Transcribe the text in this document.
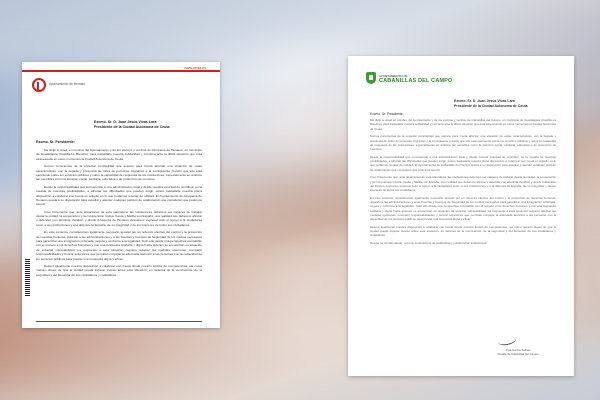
www.ceuta.es
Ayuntamiento de Hernani
Excmo. Sr. D. Juan Jesús Vivas Lara
Presidente de la Ciudad Autónoma de Ceuta
Excmo. Sr. Presidente:

Me dirijo a usted, en nombre del Ayuntamiento y de los vecinos y vecinas de Azuqueca de Henares, en municipio de Guadalajara (Castilla-La Mancha), para trasladarle nuestra solidaridad y cercanía ante la difícil situación que está atravesando en estos momentos la Ciudad Autónoma de Ceuta.

Somos conscientes de la especial complejidad que supone para Ceuta afrontar una situación de estas características, con la llegada y presencia de miles de personas migrantes y la consiguiente presión que ello está ejerciendo sobre los servicios públicos y sobre la capacidad de respuesta de las instituciones, especialmente en ámbitos tan sensibles como la atención social, sanitaria, educativa o de protección de menores.

Desde la responsabilidad que corresponde a una administración local y desde nuestra voluntad de contribuir, en la medida de nuestras posibilidades, a afrontar las dificultades que pueden surgir, quiero trasladarle nuestra plena disposición a colaborar con Ceuta en aquello en lo que podamos resultar de utilidad. El Ayuntamiento de Azuqueca de Henares queda a su disposición para estudiar y atender cualquier petición de colaboración que consideren que podemos asumir.

Creo firmemente que, ante situaciones de esta naturaleza, las instituciones debemos ser capaces de trabajar desde la unidad, la cooperación y la comprensión mutua. Ceuta y Melilla son España, una realidad que debemos afirmar y defender con absoluta claridad, y desde Azuqueca de Henares deseamos expresar todo el apoyo a la ciudadanía ceutí, a sus instituciones y a la defensa de España, de su integridad y de los intereses de todos sus ciudadanos.

En este contexto, consideramos igualmente necesario apostar por un refuerzo efectivo del control y la protección de nuestras fronteras, dotando a las administraciones y a las Fuerzas y Cuerpos de Seguridad de los medios necesarios para garantizar una inmigración ordenada, segura y conforme a la legalidad. Todo ello desde una perspectiva compatible con el respeto a los derechos humanos y con una respuesta solidaria y digna hacia quienes se encuentran en situación de especial vulnerabilidad. La respuesta a esta situación requiere adoptar las medidas oportunas, compartir responsabilidades y buscar soluciones que permitan conjugar la adecuada atención a las personas con la capacidad de los servicios públicos para prestar una respuesta digna y eficaz.

Reitero igualmente nuestra disposición a colaborar con Ceuta desde nuestro ámbito de competencias, así como nuestro deseo de que la ciudad pueda superar cuanto antes esta situación, en defensa de la convivencia, de la seguridad y del bienestar de sus ciudadanos y ciudadanas.

AYUNTAMIENTO DE
CABANILLAS DEL CAMPO
Excmo. Sr. D. Juan Jesús Vivas Lara
Presidente de la Ciudad Autónoma de Ceuta
Excmo. Sr. Presidente:

Me dirijo a usted en nombre del Ayuntamiento y de los vecinos y vecinas de Cabanillas del Campo, en municipio de Guadalajara (Castilla-La Mancha), para trasladarle nuestra solidaridad y cercanía ante la difícil situación que está atravesando en estos momentos la Ciudad Autónoma de Ceuta.

Somos conscientes de la especial complejidad que supone para Ceuta afrontar una situación de estas características, con la llegada y presencia de miles de personas migrantes y la consiguiente presión que ello está ejerciendo sobre los servicios públicos y sobre la capacidad de respuesta de las instituciones, especialmente en ámbitos tan sensibles como la atención social, sanitaria, educativa o de protección de menores.

Desde la responsabilidad que corresponde a una administración local y desde nuestra voluntad de contribuir, en la medida de nuestras posibilidades, a afrontar las dificultades que pueden surgir, quiero trasladarle nuestra plena disposición a colaborar con Ceuta en aquello en lo que podamos resultar de utilidad. El Ayuntamiento de Cabanillas del Campo queda a su disposición para estudiar y atender cualquier petición de colaboración que consideren que podemos asumir.

Creo firmemente que, ante situaciones de esta naturaleza, las instituciones debemos ser capaces de trabajar desde la unidad, la cooperación y la comprensión mutua. Ceuta y Melilla son España, una realidad que debemos afirmar y defender con absoluta claridad, y desde Cabanillas del Campo queremos expresar todo el apoyo a la ciudadanía ceutí, a sus instituciones y a la defensa de España, de su integridad y de los intereses de todos sus ciudadanos.

En este contexto, consideramos igualmente necesario apostar por un refuerzo efectivo del control y la protección de nuestras fronteras, dotando a las administraciones y a las Fuerzas y Cuerpos de Seguridad de los medios necesarios para garantizar una inmigración ordenada, segura y conforme a la legalidad. Todo ello desde una perspectiva compatible con el respeto a los derechos humanos y con una respuesta solidaria y digna hacia quienes se encuentran en situación de especial vulnerabilidad. La respuesta a esta situación requiere adoptar las medidas oportunas, compartir responsabilidades y buscar soluciones que permitan conjugar la adecuada atención a las personas con la capacidad de los servicios públicos para prestar una respuesta digna y eficaz.

Reitero igualmente nuestra disposición a colaborar con Ceuta desde nuestro ámbito de competencias, así como nuestro deseo de que la ciudad pueda superar cuanto antes esta situación, en defensa de la convivencia, de la seguridad y del bienestar de sus ciudadanos y ciudadanas.

Reciba un cordial saludo, con mis sentimientos de solidaridad y colaboración institucional.

José García Salinas
Alcalde de Cabanillas del Campo
